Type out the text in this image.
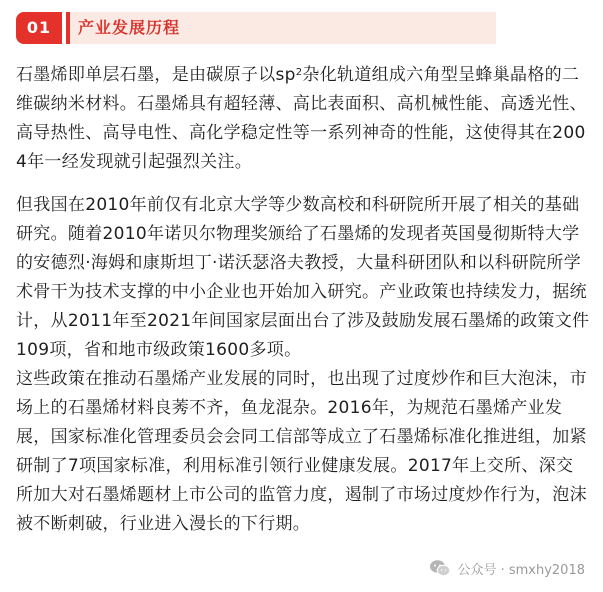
01	产业发展历程

石墨烯即单层石墨，是由碳原子以$sp^2$杂化轨道组成六角型呈蜂巢晶格的二维碳纳米材料。石墨烯具有超轻薄、高比表面积、高机械性能、高透光性、高导热性、高导电性、高化学稳定性等一系列神奇的性能，这使得其在2004年一经发现就引起强烈关注。

但我国在2010年前仅有北京大学等少数高校和科研院所开展了相关的基础研究。随着2010年诺贝尔物理奖颁给了石墨烯的发现者英国曼彻斯特大学的安德烈·海姆和康斯坦丁·诺沃瑟洛夫教授，大量科研团队和以科研院所学术骨干为技术支撑的中小企业也开始加入研究。产业政策也持续发力，据统计，从2011年至2021年间国家层面出台了涉及鼓励发展石墨烯的政策文件109项，省和地市级政策1600多项。

这些政策在推动石墨烯产业发展的同时，也出现了过度炒作和巨大泡沫，市场上的石墨烯材料良莠不齐，鱼龙混杂。2016年，为规范石墨烯产业发展，国家标准化管理委员会会同工信部等成立了石墨烯标准化推进组，加紧研制了7项国家标准，利用标准引领行业健康发展。2017年上交所、深交所加大对石墨烯题材上市公司的监管力度，遏制了市场过度炒作行为，泡沫被不断刺破，行业进入漫长的下行期。

公众号 · smxhy2018
